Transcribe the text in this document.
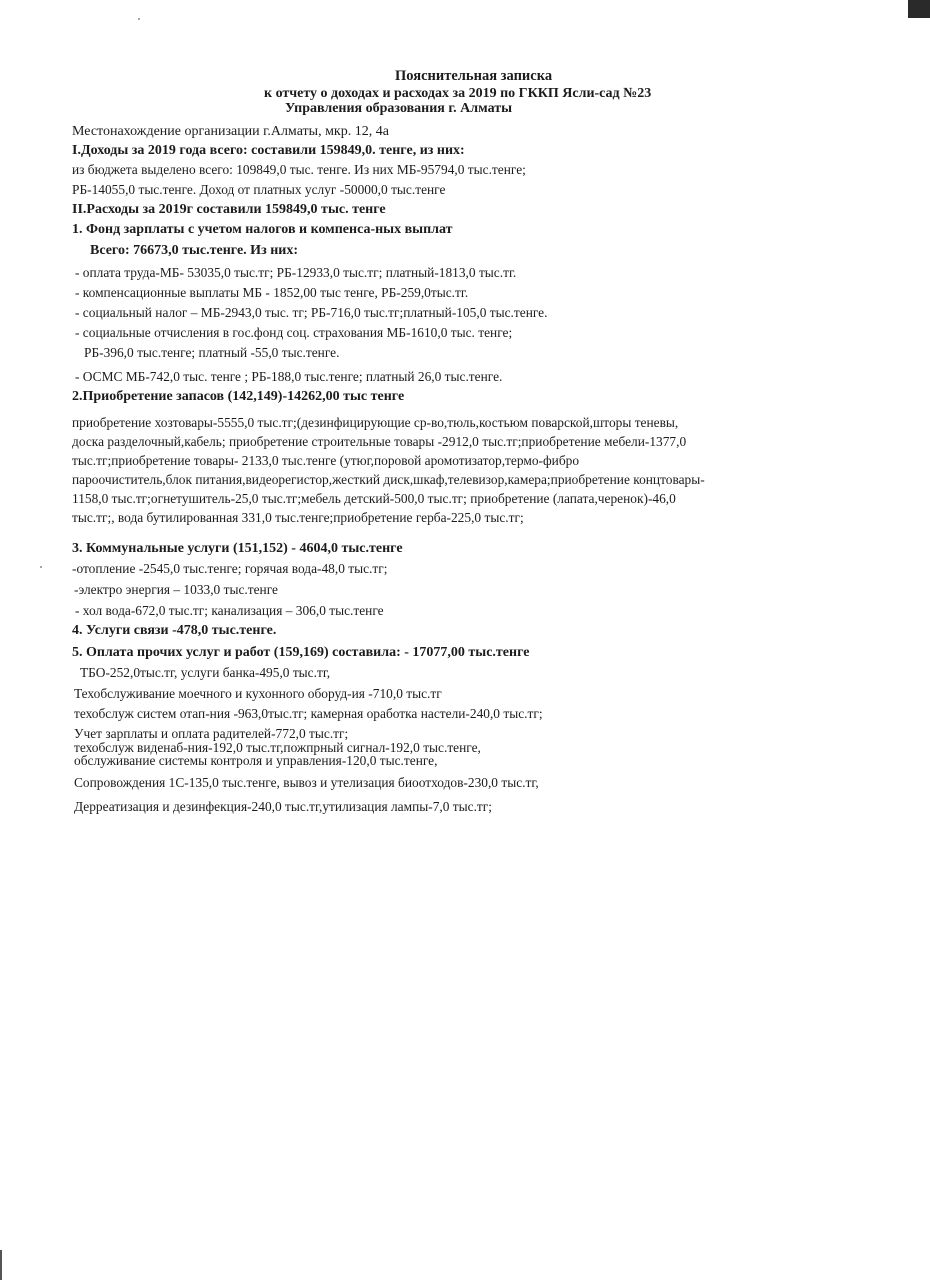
Пояснительная записка
к отчету о доходах и расходах за 2019 по ГККП Ясли-сад №23
Управления образования г. Алматы
Местонахождение организации г.Алматы, мкр. 12, 4а
I.Доходы за 2019 года всего: составили 159849,0. тенге, из них:
из бюджета выделено всего: 109849,0 тыс. тенге. Из них МБ-95794,0 тыс.тенге;
РБ-14055,0 тыс.тенге. Доход от платных услуг -50000,0 тыс.тенге
II.Расходы за 2019г составили 159849,0 тыс. тенге
1. Фонд зарплаты с учетом налогов и компенса-ных выплат
Всего: 76673,0 тыс.тенге. Из них:
- оплата труда-МБ- 53035,0 тыс.тг; РБ-12933,0 тыс.тг; платный-1813,0 тыс.тг.
- компенсационные выплаты МБ - 1852,00 тыс тенге, РБ-259,0тыс.тг.
- социальный налог – МБ-2943,0 тыс. тг; РБ-716,0 тыс.тг;платный-105,0 тыс.тенге.
- социальные отчисления в гос.фонд соц. страхования МБ-1610,0 тыс. тенге;
РБ-396,0 тыс.тенге; платный -55,0 тыс.тенге.
- ОСМС МБ-742,0 тыс. тенге ; РБ-188,0 тыс.тенге; платный 26,0 тыс.тенге.
2.Приобретение запасов (142,149)-14262,00 тыс тенге
приобретение хозтовары-5555,0 тыс.тг;(дезинфицирующие ср-во,тюль,костьюм поварской,шторы теневы,
доска разделочный,кабель; приобретение строительные товары -2912,0 тыс.тг;приобретение мебели-1377,0
тыс.тг;приобретение товары- 2133,0 тыс.тенге (утюг,поровой аромотизатор,термо-фибро
пароочиститель,блок питания,видеорегистор,жесткий диск,шкаф,телевизор,камера;приобретение концтовары-
1158,0 тыс.тг;огнетушитель-25,0 тыс.тг;мебель детский-500,0 тыс.тг; приобретение (лапата,черенок)-46,0
тыс.тг;, вода бутилированная 331,0 тыс.тенге;приобретение герба-225,0 тыс.тг;
3. Коммунальные услуги (151,152) - 4604,0 тыс.тенге
-отопление -2545,0 тыс.тенге; горячая вода-48,0 тыс.тг;
-электро энергия – 1033,0 тыс.тенге
- хол вода-672,0 тыс.тг; канализация – 306,0 тыс.тенге
4. Услуги связи -478,0 тыс.тенге.
5. Оплата прочих услуг и работ (159,169) составила: - 17077,00 тыс.тенге
ТБО-252,0тыс.тг, услуги банка-495,0 тыс.тг,
Техобслуживание моечного и кухонного оборуд-ия -710,0 тыс.тг
техобслуж систем отап-ния -963,0тыс.тг; камерная оработка настели-240,0 тыс.тг;
Учет зарплаты и оплата радителей-772,0 тыс.тг;
техобслуж виденаб-ния-192,0 тыс.тг,пожпрный сигнал-192,0 тыс.тенге,
обслуживание системы контроля и управления-120,0 тыс.тенге,
Сопровождения 1С-135,0 тыс.тенге, вывоз и утелизация биоотходов-230,0 тыс.тг,
Дерреатизация и дезинфекция-240,0 тыс.тг,утилизация лампы-7,0 тыс.тг;
